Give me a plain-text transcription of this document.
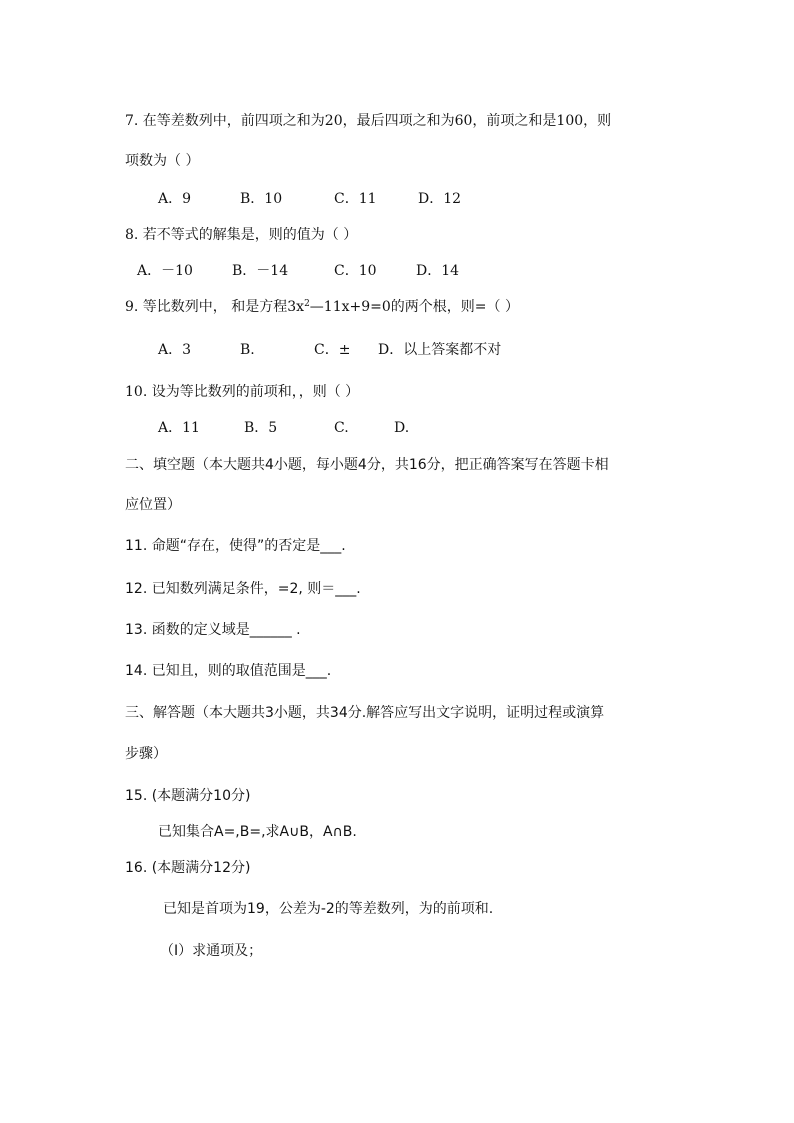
7. 在等差数列中，前四项之和为20，最后四项之和为60，前项之和是100，则
项数为（ ）
A．9	B．10	C．11	D．12
8. 若不等式的解集是，则的值为（ ）
A．－10	B．－14	C．10	D．14
9. 等比数列中， 和是方程$3x^2—11x+9=0$的两个根，则=（ ）
A．3	B.	C．± D．以上答案都不对
10. 设为等比数列的前项和，，则（ ）
A．11	B．5	C.	D.
二、填空题（本大题共4小题，每小题4分，共16分，把正确答案写在答题卡相
应位置）
11. 命题“存在，使得”的否定是___.
12. 已知数列满足条件，=2, 则＝___.
13. 函数的定义域是______ .
14. 已知且，则的取值范围是___.
三、解答题（本大题共3小题，共34分.解答应写出文字说明，证明过程或演算
步骤）
15. (本题满分10分)
已知集合A=,B=,求A∪B，A∩B.
16. (本题满分12分)
已知是首项为19，公差为-2的等差数列，为的前项和.
（Ⅰ）求通项及；
